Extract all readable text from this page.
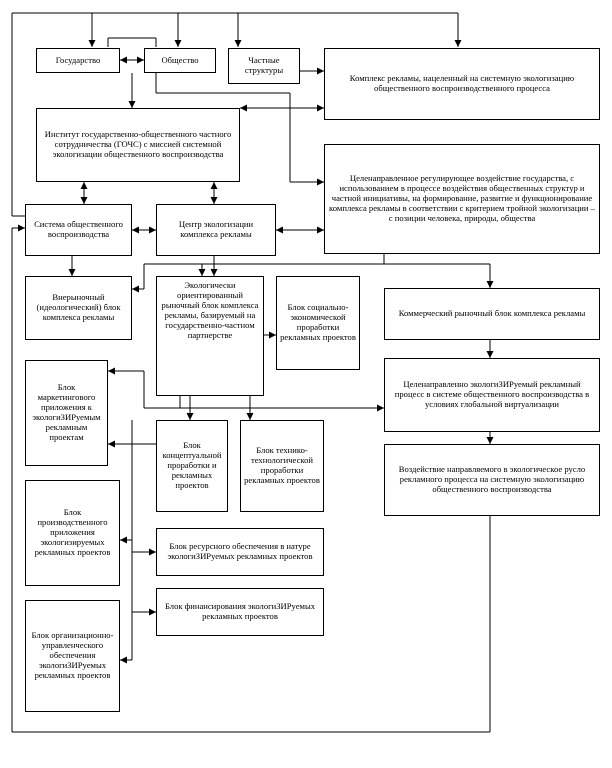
Государство	Общество	Частные структуры
Комплекс рекламы, нацеленный на системную экологизацию общественного воспроизводственного процесса
Институт государственно-общественного частного сотрудничества (ГОЧС) с миссией системной экологизации общественного воспроизводства
Целенаправленное регулирующее воздействие государства, с использованием в процессе воздействия общественных структур и частной инициативы, на формирование, развитие и функционирование комплекса рекламы в соответствии с критерием тройной экологизации – с позиции человека, природы, общества
Система общественного воспроизводства
Центр экологизации комплекса рекламы
Внерыночный (идеологический) блок комплекса рекламы
Экологически ориентированный рыночный блок комплекса рекламы, базируемый на государственно-частном партнерстве
Блок социально-экономической проработки рекламных проектов
Коммерческий рыночный блок комплекса рекламы
Блок маркетингового приложения к экологиЗИРуемым рекламным проектам
Целенаправленно экологиЗИРуемый рекламный процесс в системе общественного воспроизводства в условиях глобальной виртуализации
Блок концептуальной проработки и рекламных проектов
Блок технико-технологической проработки рекламных проектов
Воздействие направляемого в экологическое русло рекламного процесса на системную экологизацию общественного воспроизводства
Блок производственного приложения экологизируемых рекламных проектов
Блок ресурсного обеспечения в натуре экологиЗИРуемых рекламных проектов
Блок финансирования экологиЗИРуемых рекламных проектов
Блок организационно-управленческого обеспечения экологиЗИРуемых рекламных проектов
